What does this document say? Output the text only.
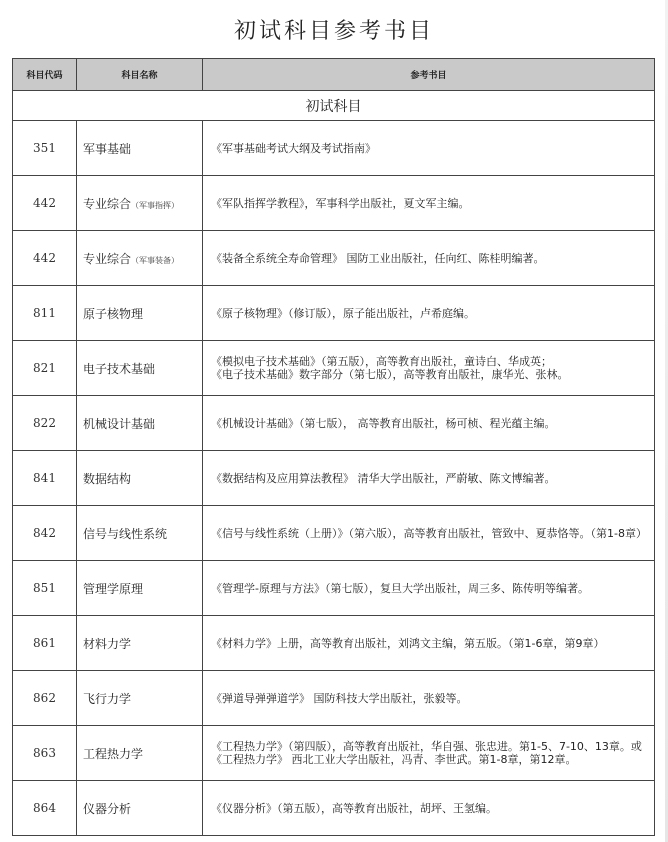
初试科目参考书目
科目代码	科目名称	参考书目
初试科目		
351	军事基础	《军事基础考试大纲及考试指南》
442	专业综合（军事指挥）	《军队指挥学教程》，军事科学出版社，夏文军主编。
442	专业综合（军事装备）	《装备全系统全寿命管理》 国防工业出版社，任向红、陈桂明编著。
811	原子核物理	《原子核物理》（修订版），原子能出版社，卢希庭编。
821	电子技术基础	《模拟电子技术基础》（第五版），高等教育出版社，童诗白、华成英；
《电子技术基础》数字部分（第七版），高等教育出版社，康华光、张林。

822	机械设计基础	《机械设计基础》（第七版）， 高等教育出版社，杨可桢、程光蕴主编。
841	数据结构	《数据结构及应用算法教程》 清华大学出版社，严蔚敏、陈文博编著。
842	信号与线性系统	《信号与线性系统（上册）》（第六版），高等教育出版社，管致中、夏恭恪等。（第1-8章）
851	管理学原理	《管理学-原理与方法》（第七版），复旦大学出版社，周三多、陈传明等编著。
861	材料力学	《材料力学》上册，高等教育出版社，刘鸿文主编，第五版。（第1-6章，第9章）
862	飞行力学	《弹道导弹弹道学》 国防科技大学出版社，张毅等。
863	工程热力学	《工程热力学》（第四版），高等教育出版社，华自强、张忠进。第1-5、7-10、13章。或《工程热力学》 西北工业大学出版社，冯青、李世武。第1-8章，第12章。
864	仪器分析	《仪器分析》（第五版），高等教育出版社，胡坪、王氢编。
